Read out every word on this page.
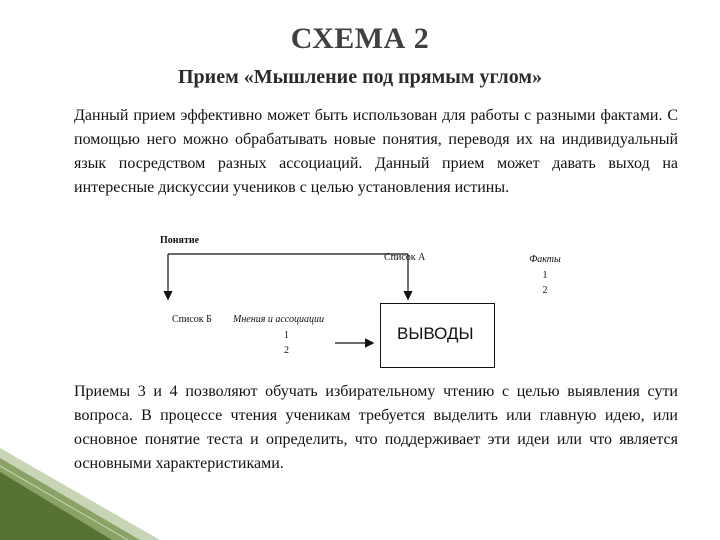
СХЕМА 2
Прием «Мышление под прямым углом»

Данный прием эффективно может быть использован для работы с разными фактами. С помощью него можно обрабатывать новые понятия, переводя их на индивидуальный язык посредством разных ассоциаций. Данный прием может давать выход на интересные дискуссии учеников с целью установления истины.

Понятие
Список А	Факты
1
2
Список Б Мнения и ассоциации
1
2
ВЫВОДЫ

Приемы 3 и 4 позволяют обучать избирательному чтению с целью выявления сути вопроса. В процессе чтения ученикам требуется выделить или главную идею, или основное понятие теста и определить, что поддерживает эти идеи или что является основными характеристиками.
